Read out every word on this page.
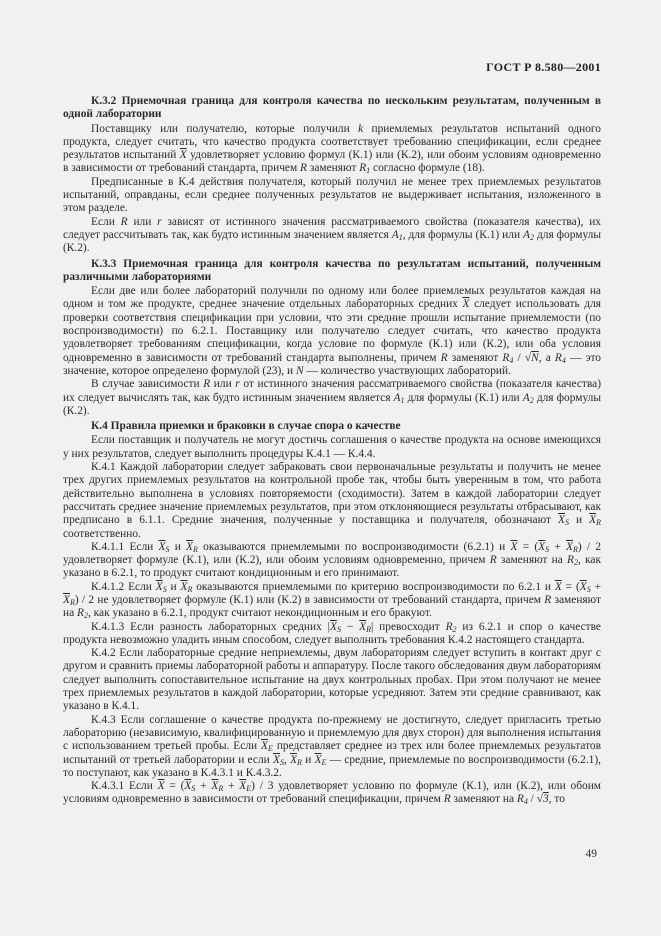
ГОСТ Р 8.580—2001

К.3.2 Приемочная граница для контроля качества по нескольким результатам, полученным в одной лаборатории

Поставщику или получателю, которые получили k приемлемых результатов испытаний одного продукта, следует считать, что качество продукта соответствует требованию спецификации, если среднее результатов испытаний $\overline{X}$ удовлетворяет условию формул (К.1) или (К.2), или обоим условиям одновременно в зависимости от требований стандарта, причем R заменяют $R_1$ согласно формуле (18).

Предписанные в К.4 действия получателя, который получил не менее трех приемлемых результатов испытаний, оправданы, если среднее полученных результатов не выдерживает испытания, изложенного в этом разделе.

Если R или r зависят от истинного значения рассматриваемого свойства (показателя качества), их следует рассчитывать так, как будто истинным значением является $A_1$, для формулы (К.1) или $A_2$ для формулы (К.2).

К.3.3 Приемочная граница для контроля качества по результатам испытаний, полученным различными лабораториями

Если две или более лабораторий получили по одному или более приемлемых результатов каждая на одном и том же продукте, среднее значение отдельных лабораторных средних $\overline{X}$ следует использовать для проверки соответствия спецификации при условии, что эти средние прошли испытание приемлемости (по воспроизводимости) по 6.2.1. Поставщику или получателю следует считать, что качество продукта удовлетворяет требованиям спецификации, когда условие по формуле (К.1) или (К.2), или оба условия одновременно в зависимости от требований стандарта выполнены, причем R заменяют $R_4 / √N$, а $R_4$ — это значение, которое определено формулой (23), и N — количество участвующих лабораторий.

В случае зависимости R или r от истинного значения рассматриваемого свойства (показателя качества) их следует вычислять так, как будто истинным значением является $A_1$ для формулы (К.1) или $A_2$ для формулы (К.2).

К.4 Правила приемки и браковки в случае спора о качестве

Если поставщик и получатель не могут достичь соглашения о качестве продукта на основе имеющихся у них результатов, следует выполнить процедуры К.4.1 — К.4.4.

К.4.1 Каждой лаборатории следует забраковать свои первоначальные результаты и получить не менее трех других приемлемых результатов на контрольной пробе так, чтобы быть уверенным в том, что работа действительно выполнена в условиях повторяемости (сходимости). Затем в каждой лаборатории следует рассчитать среднее значение приемлемых результатов, при этом отклоняющиеся результаты отбрасывают, как предписано в 6.1.1. Средние значения, полученные у поставщика и получателя, обозначают $\overline{X}_S$ и $\overline{X}_R$ соответственно.

К.4.1.1 Если $\overline{X}_S$ и $\overline{X}_R$ оказываются приемлемыми по воспроизводимости (6.2.1) и $\overline{X} = (\overline{X}_S + \overline{X}_R) / 2$ удовлетворяет формуле (К.1), или (К.2), или обоим условиям одновременно, причем R заменяют на $R_2$, как указано в 6.2.1, то продукт считают кондиционным и его принимают.

К.4.1.2 Если $\overline{X}_S$ и $\overline{X}_R$ оказываются приемлемыми по критерию воспроизводимости по 6.2.1 и $\overline{X} = (\overline{X}_S + \overline{X}_R) / 2$ не удовлетворяет формуле (К.1) или (К.2) в зависимости от требований стандарта, причем R заменяют на $R_2$, как указано в 6.2.1, продукт считают некондиционным и его бракуют.

К.4.1.3 Если разность лабораторных средних $|\overline{X}_S - \overline{X}_R|$ превосходит $R_2$ из 6.2.1 и спор о качестве продукта невозможно уладить иным способом, следует выполнить требования К.4.2 настоящего стандарта.

К.4.2 Если лабораторные средние неприемлемы, двум лабораториям следует вступить в контакт друг с другом и сравнить приемы лабораторной работы и аппаратуру. После такого обследования двум лабораториям следует выполнить сопоставительное испытание на двух контрольных пробах. При этом получают не менее трех приемлемых результатов в каждой лаборатории, которые усредняют. Затем эти средние сравнивают, как указано в К.4.1.

К.4.3 Если соглашение о качестве продукта по-прежнему не достигнуто, следует пригласить третью лабораторию (независимую, квалифицированную и приемлемую для двух сторон) для выполнения испытания с использованием третьей пробы. Если $\overline{X}_E$ представляет среднее из трех или более приемлемых результатов испытаний от третьей лаборатории и если $\overline{X}_S$, $\overline{X}_R$ и $\overline{X}_E$ — средние, приемлемые по воспроизводимости (6.2.1), то поступают, как указано в К.4.3.1 и К.4.3.2.

К.4.3.1 Если $\overline{X} = (\overline{X}_S + \overline{X}_R + \overline{X}_E) / 3$ удовлетворяет условию по формуле (К.1), или (К.2), или обоим условиям одновременно в зависимости от требований спецификации, причем R заменяют на $R_4 / √3$, то

49
